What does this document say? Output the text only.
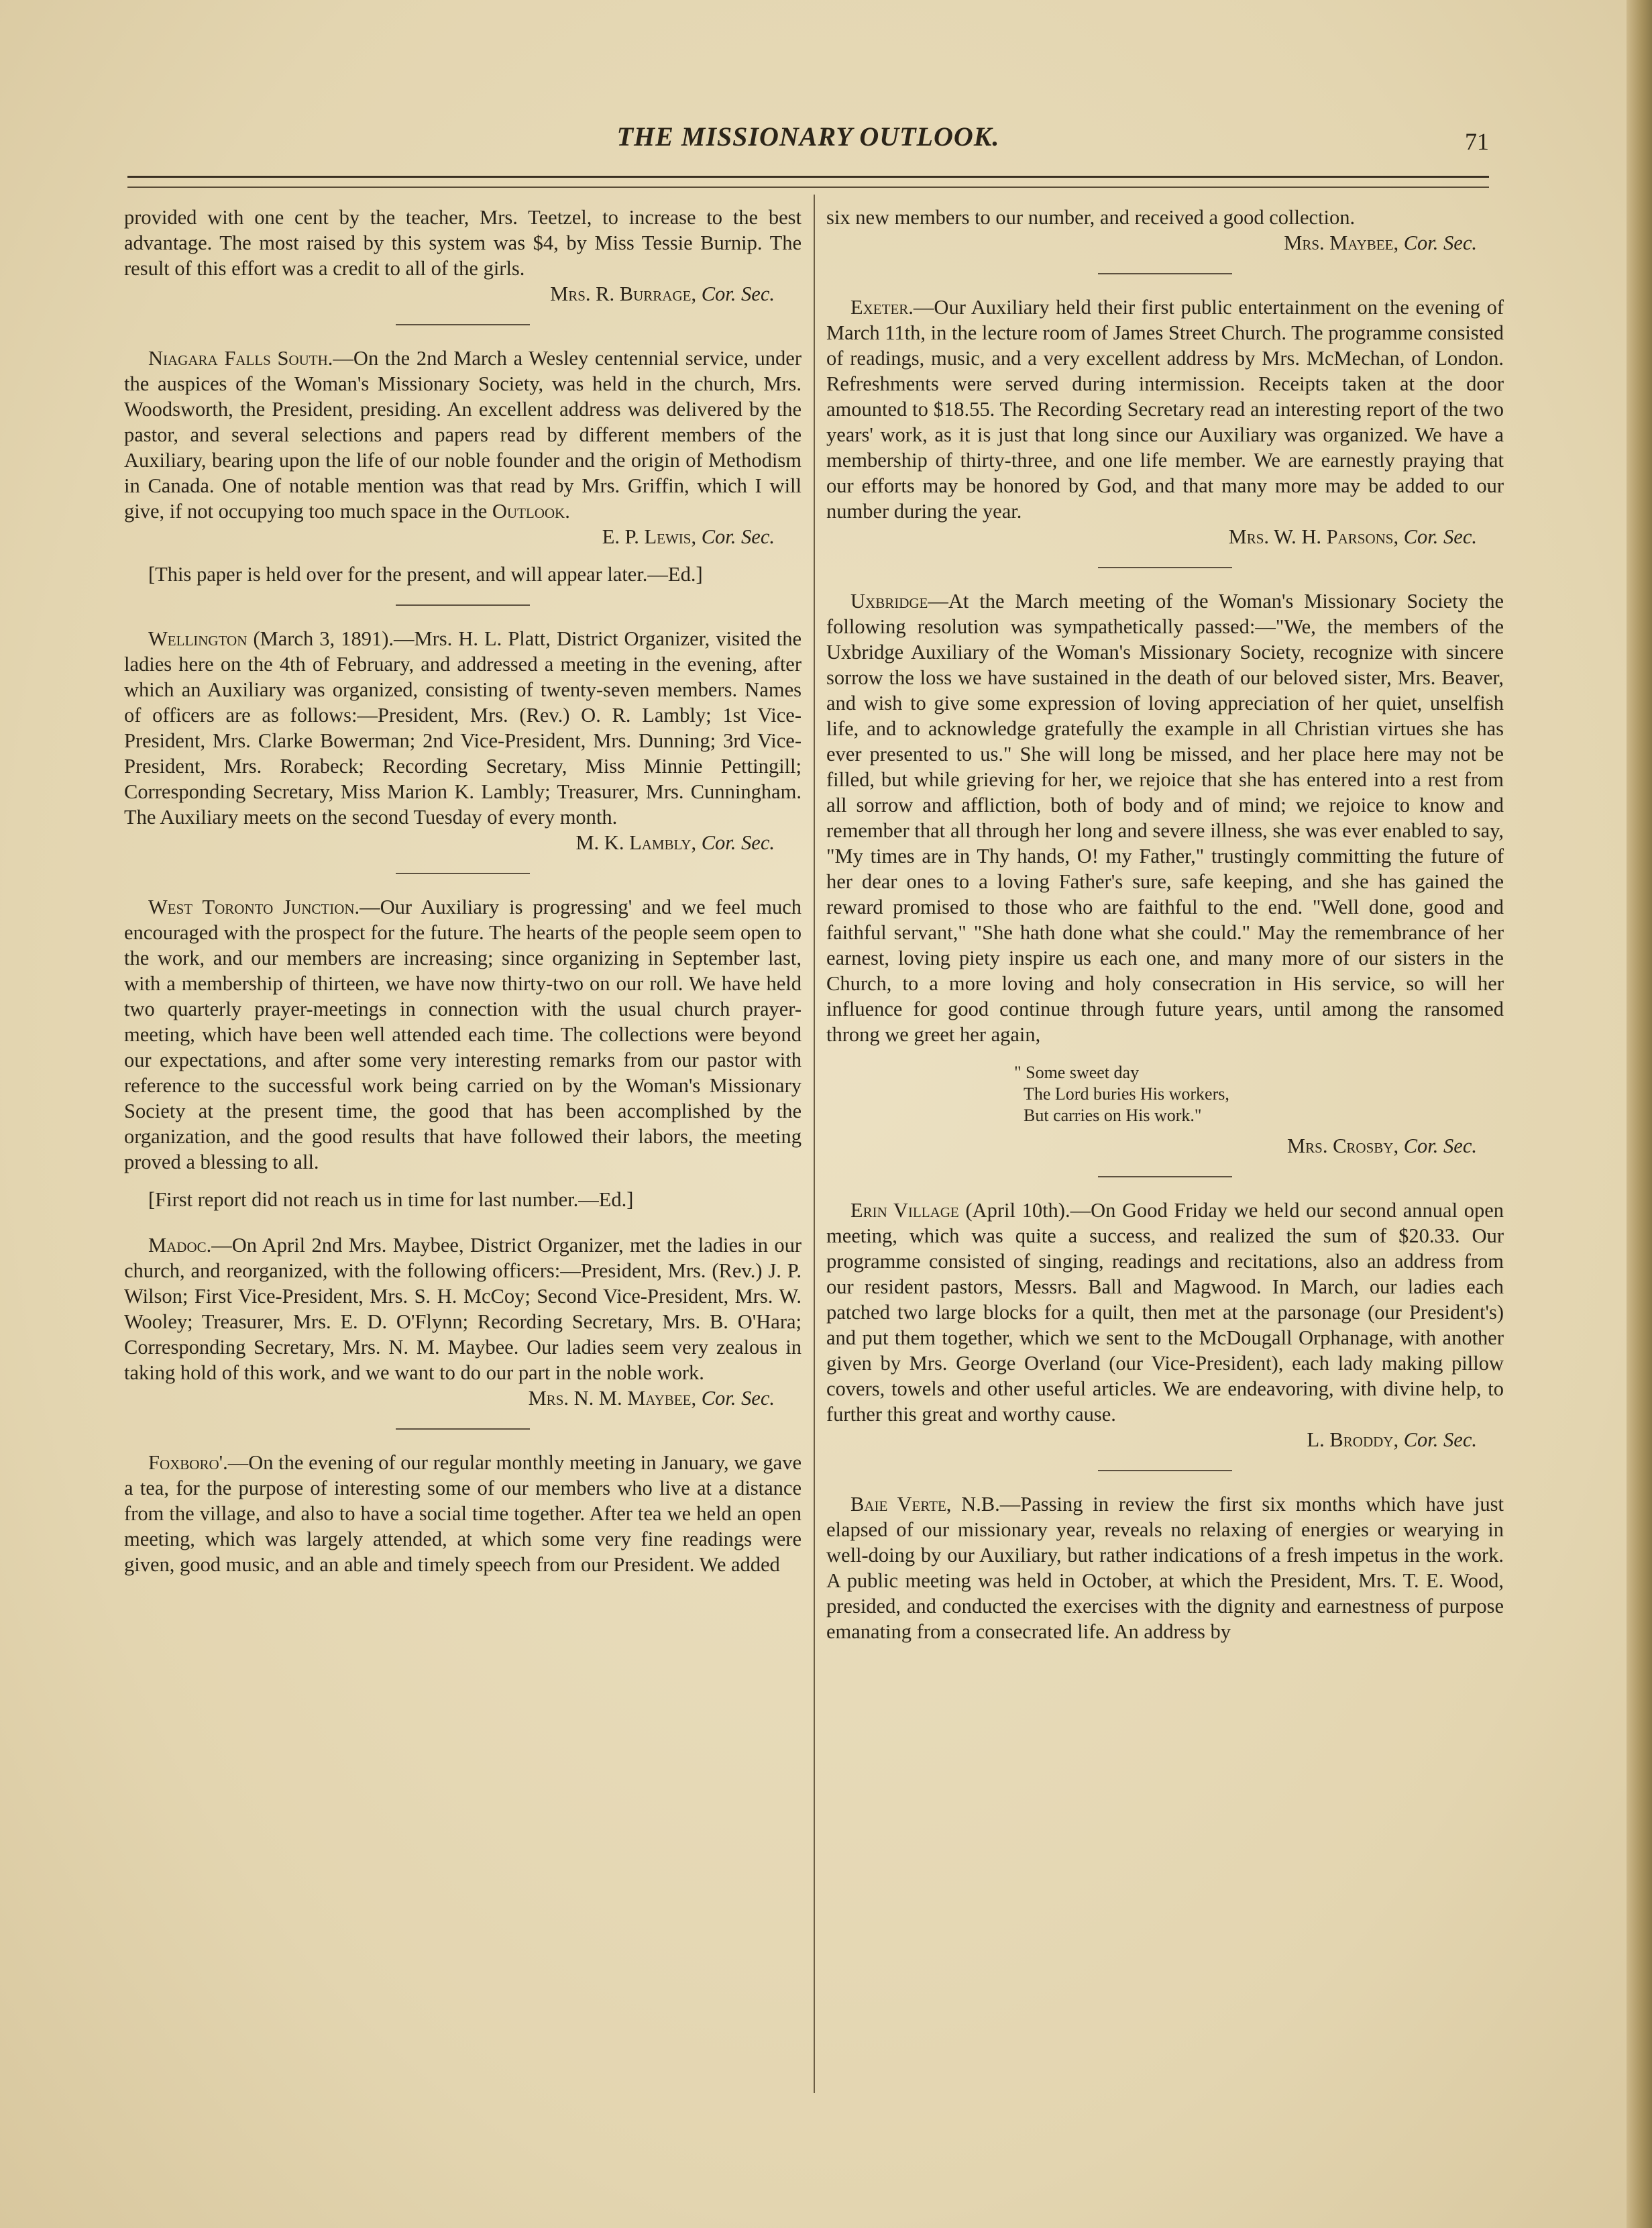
THE MISSIONARY OUTLOOK.	71

provided with one cent by the teacher, Mrs. Teetzel, to increase to the best advantage. The most raised by this system was $4, by Miss Tessie Burnip. The result of this effort was a credit to all of the girls.

Mrs. R. Burrage, Cor. Sec.

Niagara Falls South.—On the 2nd March a Wesley centennial service, under the auspices of the Woman's Missionary Society, was held in the church, Mrs. Woodsworth, the President, presiding. An excellent address was delivered by the pastor, and several selections and papers read by different members of the Auxiliary, bearing upon the life of our noble founder and the origin of Methodism in Canada. One of notable mention was that read by Mrs. Griffin, which I will give, if not occupying too much space in the Outlook.

E. P. Lewis, Cor. Sec.

[This paper is held over for the present, and will appear later.—Ed.]

Wellington (March 3, 1891).—Mrs. H. L. Platt, District Organizer, visited the ladies here on the 4th of February, and addressed a meeting in the evening, after which an Auxiliary was organized, consisting of twenty-seven members. Names of officers are as follows:—President, Mrs. (Rev.) O. R. Lambly; 1st Vice-President, Mrs. Clarke Bowerman; 2nd Vice-President, Mrs. Dunning; 3rd Vice-President, Mrs. Rorabeck; Recording Secretary, Miss Minnie Pettingill; Corresponding Secretary, Miss Marion K. Lambly; Treasurer, Mrs. Cunningham. The Auxiliary meets on the second Tuesday of every month.

M. K. Lambly, Cor. Sec.

West Toronto Junction.—Our Auxiliary is progressing' and we feel much encouraged with the prospect for the future. The hearts of the people seem open to the work, and our members are increasing; since organizing in September last, with a membership of thirteen, we have now thirty-two on our roll. We have held two quarterly prayer-meetings in connection with the usual church prayer-meeting, which have been well attended each time. The collections were beyond our expectations, and after some very interesting remarks from our pastor with reference to the successful work being carried on by the Woman's Missionary Society at the present time, the good that has been accomplished by the organization, and the good results that have followed their labors, the meeting proved a blessing to all.

[First report did not reach us in time for last number.—Ed.]

Madoc.—On April 2nd Mrs. Maybee, District Organizer, met the ladies in our church, and reorganized, with the following officers:—President, Mrs. (Rev.) J. P. Wilson; First Vice-President, Mrs. S. H. McCoy; Second Vice-President, Mrs. W. Wooley; Treasurer, Mrs. E. D. O'Flynn; Recording Secretary, Mrs. B. O'Hara; Corresponding Secretary, Mrs. N. M. Maybee. Our ladies seem very zealous in taking hold of this work, and we want to do our part in the noble work.

Mrs. N. M. Maybee, Cor. Sec.

Foxboro'.—On the evening of our regular monthly meeting in January, we gave a tea, for the purpose of interesting some of our members who live at a distance from the village, and also to have a social time together. After tea we held an open meeting, which was largely attended, at which some very fine readings were given, good music, and an able and timely speech from our President. We added

six new members to our number, and received a good collection.

Mrs. Maybee, Cor. Sec.

Exeter.—Our Auxiliary held their first public entertainment on the evening of March 11th, in the lecture room of James Street Church. The programme consisted of readings, music, and a very excellent address by Mrs. McMechan, of London. Refreshments were served during intermission. Receipts taken at the door amounted to $18.55. The Recording Secretary read an interesting report of the two years' work, as it is just that long since our Auxiliary was organized. We have a membership of thirty-three, and one life member. We are earnestly praying that our efforts may be honored by God, and that many more may be added to our number during the year.

Mrs. W. H. Parsons, Cor. Sec.

Uxbridge—At the March meeting of the Woman's Missionary Society the following resolution was sympathetically passed:—"We, the members of the Uxbridge Auxiliary of the Woman's Missionary Society, recognize with sincere sorrow the loss we have sustained in the death of our beloved sister, Mrs. Beaver, and wish to give some expression of loving appreciation of her quiet, unselfish life, and to acknowledge gratefully the example in all Christian virtues she has ever presented to us." She will long be missed, and her place here may not be filled, but while grieving for her, we rejoice that she has entered into a rest from all sorrow and affliction, both of body and of mind; we rejoice to know and remember that all through her long and severe illness, she was ever enabled to say, "My times are in Thy hands, O! my Father," trustingly committing the future of her dear ones to a loving Father's sure, safe keeping, and she has gained the reward promised to those who are faithful to the end. "Well done, good and faithful servant," "She hath done what she could." May the remembrance of her earnest, loving piety inspire us each one, and many more of our sisters in the Church, to a more loving and holy consecration in His service, so will her influence for good continue through future years, until among the ransomed throng we greet her again,

" Some sweet day
The Lord buries His workers,
But carries on His work."

Mrs. Crosby, Cor. Sec.

Erin Village (April 10th).—On Good Friday we held our second annual open meeting, which was quite a success, and realized the sum of $20.33. Our programme consisted of singing, readings and recitations, also an address from our resident pastors, Messrs. Ball and Magwood. In March, our ladies each patched two large blocks for a quilt, then met at the parsonage (our President's) and put them together, which we sent to the McDougall Orphanage, with another given by Mrs. George Overland (our Vice-President), each lady making pillow covers, towels and other useful articles. We are endeavoring, with divine help, to further this great and worthy cause.

L. Broddy, Cor. Sec.

Baie Verte, N.B.—Passing in review the first six months which have just elapsed of our missionary year, reveals no relaxing of energies or wearying in well-doing by our Auxiliary, but rather indications of a fresh impetus in the work. A public meeting was held in October, at which the President, Mrs. T. E. Wood, presided, and conducted the exercises with the dignity and earnestness of purpose emanating from a consecrated life. An address by
